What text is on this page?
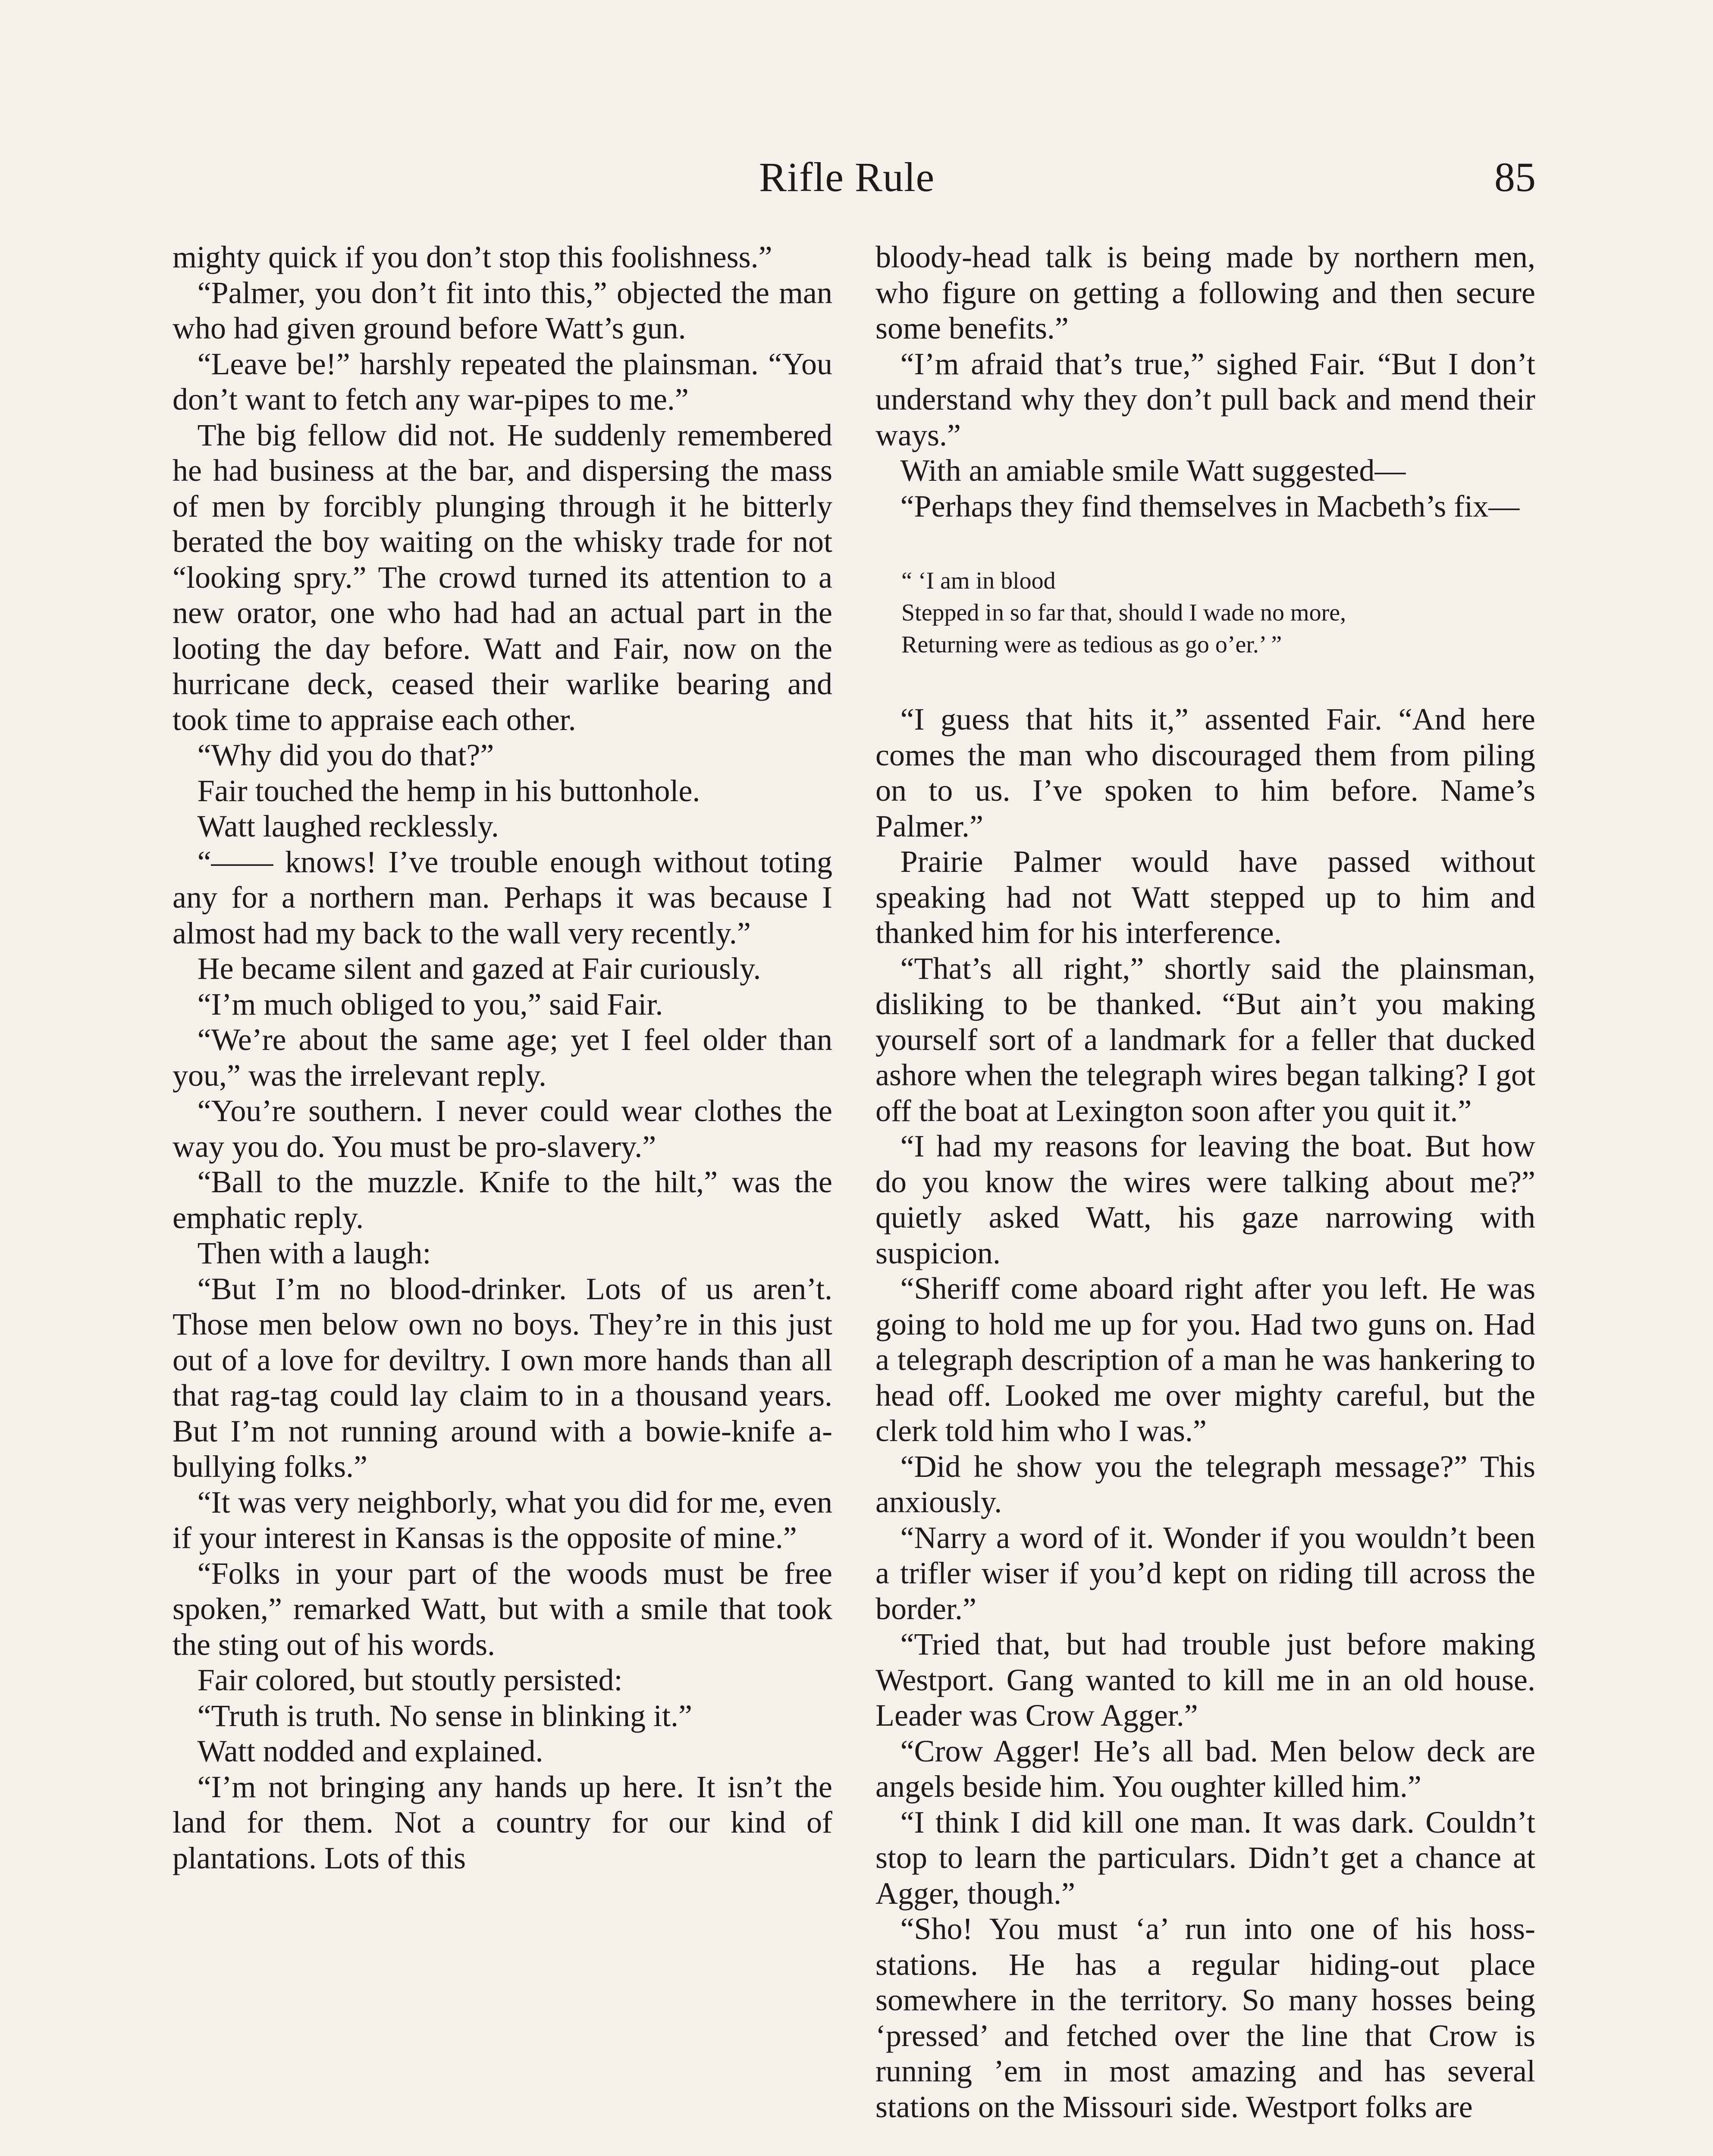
Rifle Rule	85

mighty quick if you don’t stop this foolishness.”

“Palmer, you don’t fit into this,” objected the man who had given ground before Watt’s gun.

“Leave be!” harshly repeated the plainsman. “You don’t want to fetch any war-pipes to me.”

The big fellow did not. He suddenly remembered he had business at the bar, and dispersing the mass of men by forcibly plunging through it he bitterly berated the boy waiting on the whisky trade for not “looking spry.” The crowd turned its attention to a new orator, one who had had an actual part in the looting the day before. Watt and Fair, now on the hurricane deck, ceased their warlike bearing and took time to appraise each other.

“Why did you do that?”

Fair touched the hemp in his buttonhole.

Watt laughed recklessly.

“—— knows! I’ve trouble enough without toting any for a northern man. Perhaps it was because I almost had my back to the wall very recently.”

He became silent and gazed at Fair curiously.

“I’m much obliged to you,” said Fair.

“We’re about the same age; yet I feel older than you,” was the irrelevant reply.

“You’re southern. I never could wear clothes the way you do. You must be pro-slavery.”

“Ball to the muzzle. Knife to the hilt,” was the emphatic reply.

Then with a laugh:

“But I’m no blood-drinker. Lots of us aren’t. Those men below own no boys. They’re in this just out of a love for deviltry. I own more hands than all that rag-tag could lay claim to in a thousand years. But I’m not running around with a bowie-knife a-bullying folks.”

“It was very neighborly, what you did for me, even if your interest in Kansas is the opposite of mine.”

“Folks in your part of the woods must be free spoken,” remarked Watt, but with a smile that took the sting out of his words.

Fair colored, but stoutly persisted:

“Truth is truth. No sense in blinking it.”

Watt nodded and explained.

“I’m not bringing any hands up here. It isn’t the land for them. Not a country for our kind of plantations. Lots of this

bloody-head talk is being made by northern men, who figure on getting a following and then secure some benefits.”

“I’m afraid that’s true,” sighed Fair. “But I don’t understand why they don’t pull back and mend their ways.”

With an amiable smile Watt suggested—

“Perhaps they find themselves in Macbeth’s fix—

“ ‘I am in blood
Stepped in so far that, should I wade no more,
Returning were as tedious as go o’er.’ ”

“I guess that hits it,” assented Fair. “And here comes the man who discouraged them from piling on to us. I’ve spoken to him before. Name’s Palmer.”

Prairie Palmer would have passed without speaking had not Watt stepped up to him and thanked him for his interference.

“That’s all right,” shortly said the plainsman, disliking to be thanked. “But ain’t you making yourself sort of a landmark for a feller that ducked ashore when the telegraph wires began talking? I got off the boat at Lexington soon after you quit it.”

“I had my reasons for leaving the boat. But how do you know the wires were talking about me?” quietly asked Watt, his gaze narrowing with suspicion.

“Sheriff come aboard right after you left. He was going to hold me up for you. Had two guns on. Had a telegraph description of a man he was hankering to head off. Looked me over mighty careful, but the clerk told him who I was.”

“Did he show you the telegraph message?” This anxiously.

“Narry a word of it. Wonder if you wouldn’t been a trifler wiser if you’d kept on riding till across the border.”

“Tried that, but had trouble just before making Westport. Gang wanted to kill me in an old house. Leader was Crow Agger.”

“Crow Agger! He’s all bad. Men below deck are angels beside him. You oughter killed him.”

“I think I did kill one man. It was dark. Couldn’t stop to learn the particulars. Didn’t get a chance at Agger, though.”

“Sho! You must ‘a’ run into one of his hoss-stations. He has a regular hiding-out place somewhere in the territory. So many hosses being ‘pressed’ and fetched over the line that Crow is running ’em in most amazing and has several stations on the Missouri side. Westport folks are
